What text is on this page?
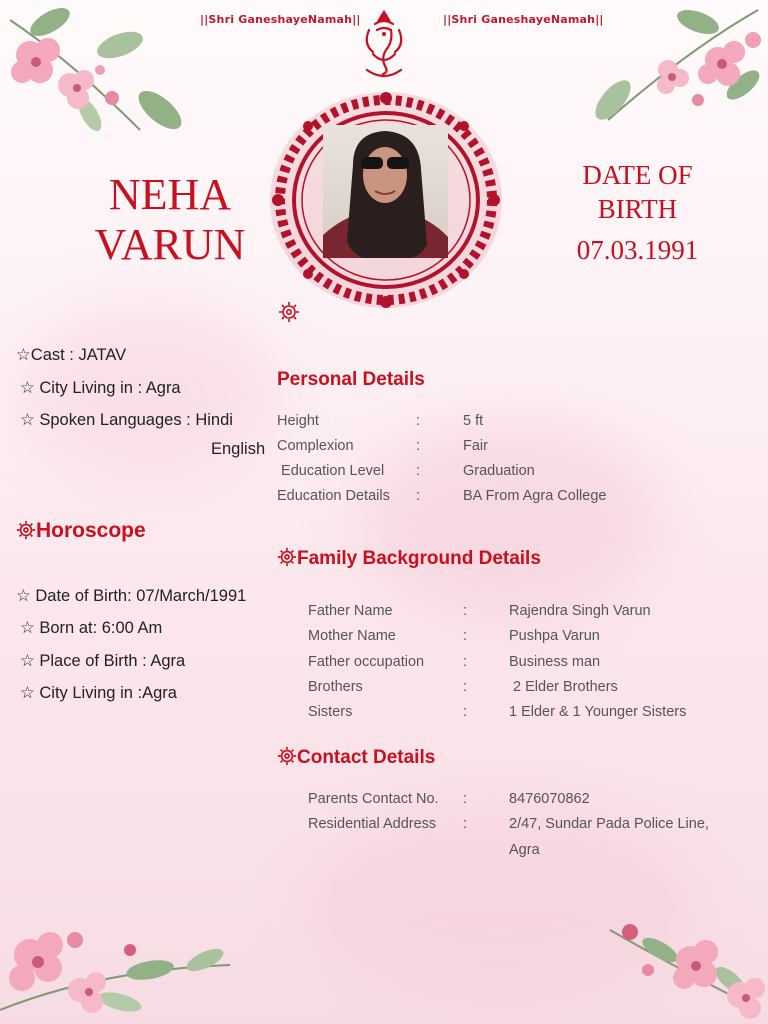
||Shri GaneshayeNamah||	||Shri GaneshayeNamah||
NEHA
VARUN
DATE OF
BIRTH
07.03.1991
☆Cast : JATAV
☆ City Living in : Agra
☆ Spoken Languages : Hindi
English
Horoscope
☆ Date of Birth: 07/March/1991
☆ Born at: 6:00 Am
☆ Place of Birth : Agra
☆ City Living in :Agra
Personal Details
Height	:	5 ft
Complexion	:	Fair
Education Level :	Graduation
Education Details :	BA From Agra College
Family Background Details
Father Name	:	Rajendra Singh Varun
Mother Name	:	Pushpa Varun
Father occupation	:	Business man
Brothers	:	2 Elder Brothers
Sisters	:	1 Elder & 1 Younger Sisters
Contact Details
Parents Contact No. :	8476070862
Residential Address :	2/47, Sundar Pada Police Line,
Agra
